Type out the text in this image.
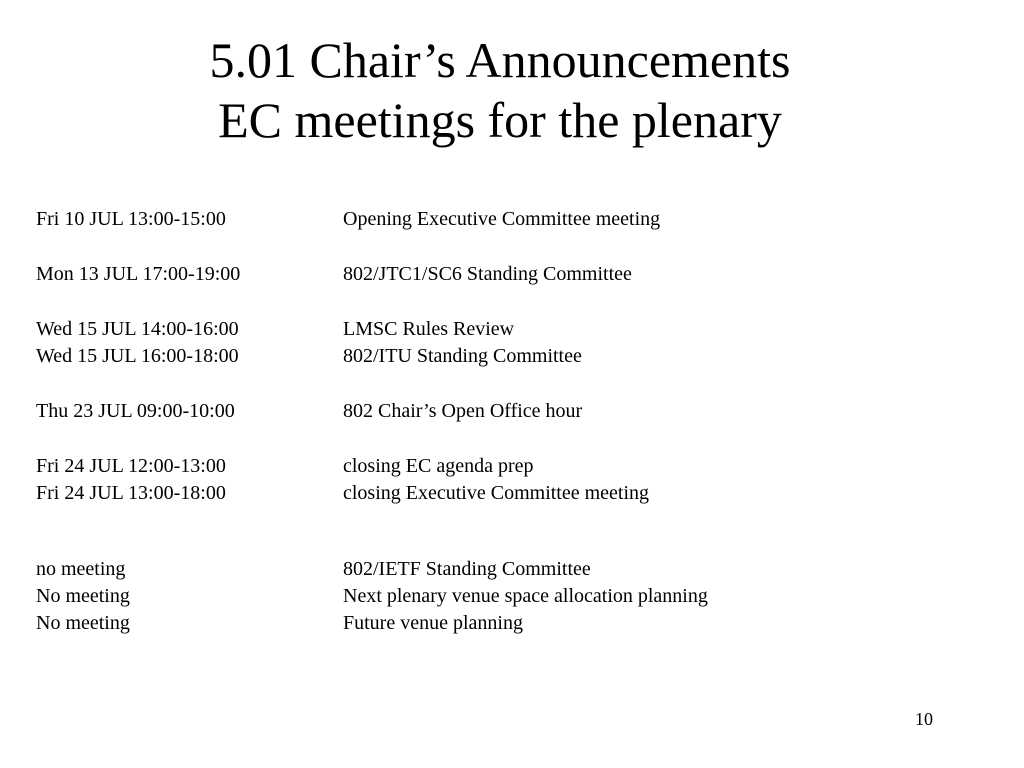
5.01 Chair’s Announcements
EC meetings for the plenary
Fri 10 JUL 13:00-15:00	Opening Executive Committee meeting
Mon 13 JUL 17:00-19:00	802/JTC1/SC6 Standing Committee
Wed 15 JUL 14:00-16:00	LMSC Rules Review
Wed 15 JUL 16:00-18:00	802/ITU Standing Committee
Thu 23 JUL 09:00-10:00	802 Chair’s Open Office hour
Fri 24 JUL 12:00-13:00	closing EC agenda prep
Fri 24 JUL 13:00-18:00	closing Executive Committee meeting
no meeting	802/IETF Standing Committee
No meeting	Next plenary venue space allocation planning
No meeting	Future venue planning
10
